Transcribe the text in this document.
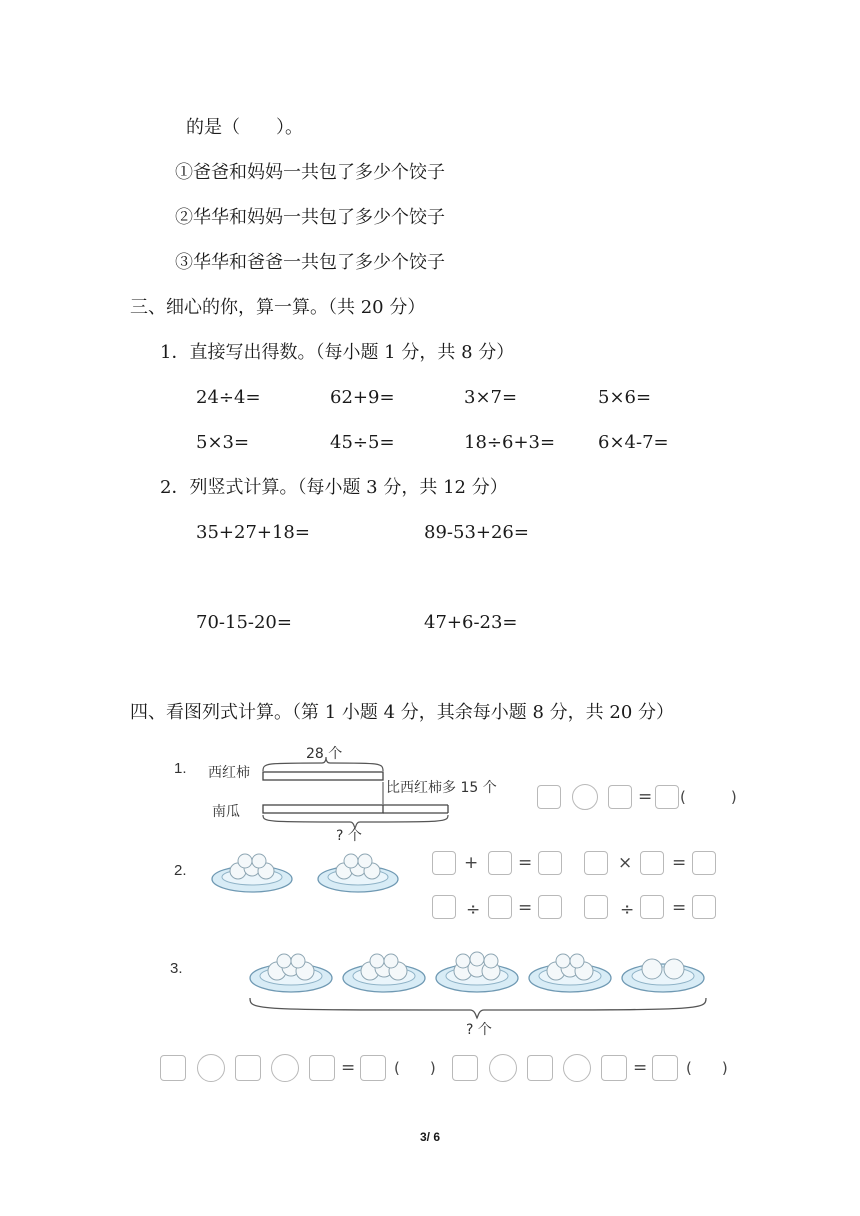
的是（　　）。
①爸爸和妈妈一共包了多少个饺子
②华华和妈妈一共包了多少个饺子
③华华和爸爸一共包了多少个饺子
三、细心的你，算一算。（共 20 分）
1．直接写出得数。（每小题 1 分，共 8 分）
24÷4=	62+9=	3×7=	5×6=
5×3=	45÷5=	18÷6+3= 6×4-7=
2．列竖式计算。（每小题 3 分，共 12 分）
35+27+18=	89-53+26=
70-15-20=	47+6-23=
四、看图列式计算。（第 1 小题 4 分，其余每小题 8 分，共 20 分）
1. 西红柿
南瓜
28 个
比西红柿多 15 个
? 个
= (　　　)
2.	+ =	× =
÷ =	÷ =
3.
? 个
=	(　　)	=	(　　)
3/ 6
